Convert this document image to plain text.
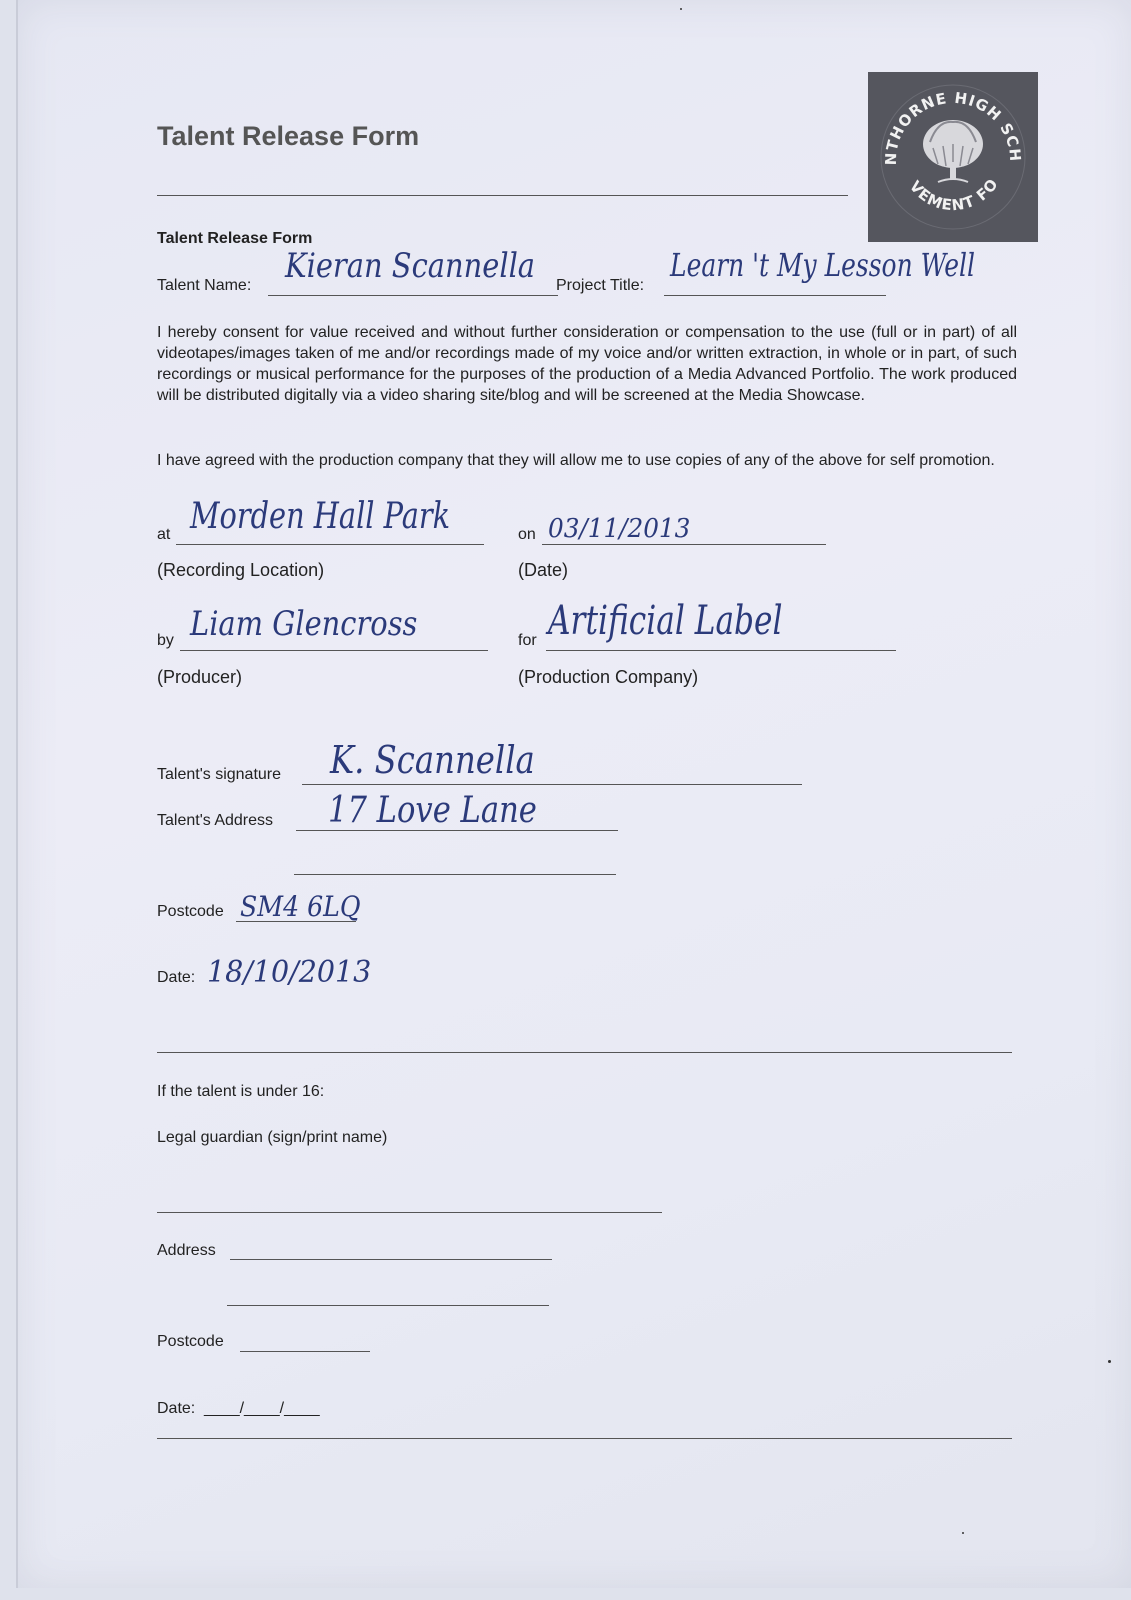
Talent Release Form
NTHORNE HIGH SCH
VEMENT FO
Talent Release Form
Talent Name: Kieran Scannella Project Title:
Learn 't My Lesson Well
I hereby consent for value received and without further consideration or compensation to the use (full or in part) of all videotapes/images taken of me and/or recordings made of my voice and/or written extraction, in whole or in part, of such recordings or musical performance for the purposes of the production of a Media Advanced Portfolio. The work produced will be distributed digitally via a video sharing site/blog and will be screened at the Media Showcase.
I have agreed with the production company that they will allow me to use copies of any of the above for self promotion.
at Morden Hall Park
(Recording Location)
on 03/11/2013
(Date)
by Liam Glencross
(Producer)
for Artificial Label
(Production Company)
Talent's signature K. Scannella
Talent's Address 17 Love Lane
Postcode SM4 6LQ
Date: 18/10/2013
If the talent is under 16:
Legal guardian (sign/print name)
Address
Postcode
Date: ____/____/____
